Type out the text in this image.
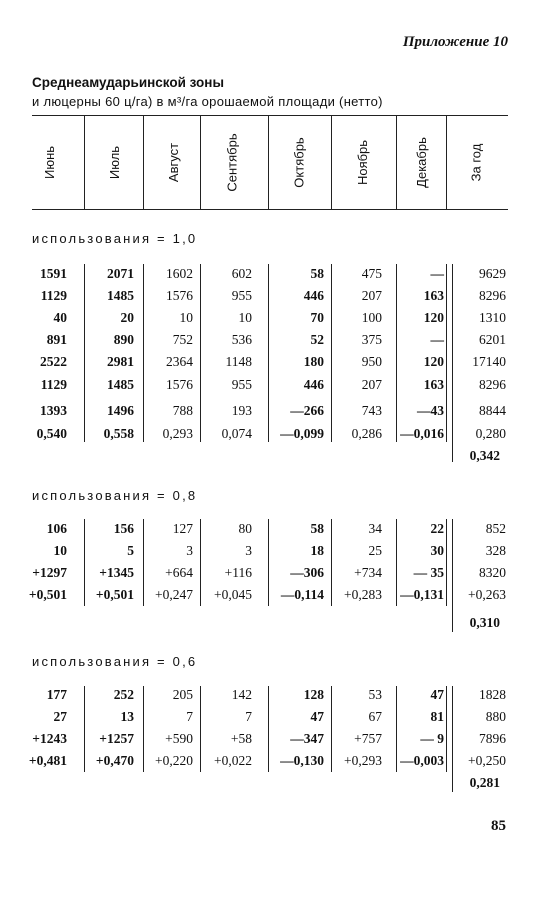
Приложение 10
Среднеамударьинской зоны
и люцерны 60 ц/га) в м³/га орошаемой площади (нетто)
Июнь	Июль	Август	Сентябрь	Октябрь	Ноябрь	Декабрь	За год
использования = 1,0
1591	2071 1602	602	58	475	—	9629
1129	1485 1576	955	446	207	163	8296
40	20	10	10	70	100	120	1310
891	890	752	536	52	375	—	6201
2522	2981 2364 1148	180	950	120 17140
1129	1485 1576	955	446	207	163	8296
1393	1496	788	193	—266	743	—43	8844
0,540	0,558 0,293 0,074 —0,099 0,286 —0,016 0,280
0,342
использования = 0,8
106	156	127	80	58	34	22	852
10	5	3	3	18	25	30	328
+1297 +1345 +664 +116	—306 +734 — 35	8320
+0,501 +0,501 +0,247 +0,045 —0,114 +0,283 —0,131 +0,263
0,310
использования = 0,6
177	252	205	142	128	53	47	1828
27	13	7	7	47	67	81	880
+1243 +1257 +590	+58	—347 +757	— 9	7896
+0,481 +0,470 +0,220 +0,022 —0,130 +0,293 —0,003 +0,250
0,281
85
